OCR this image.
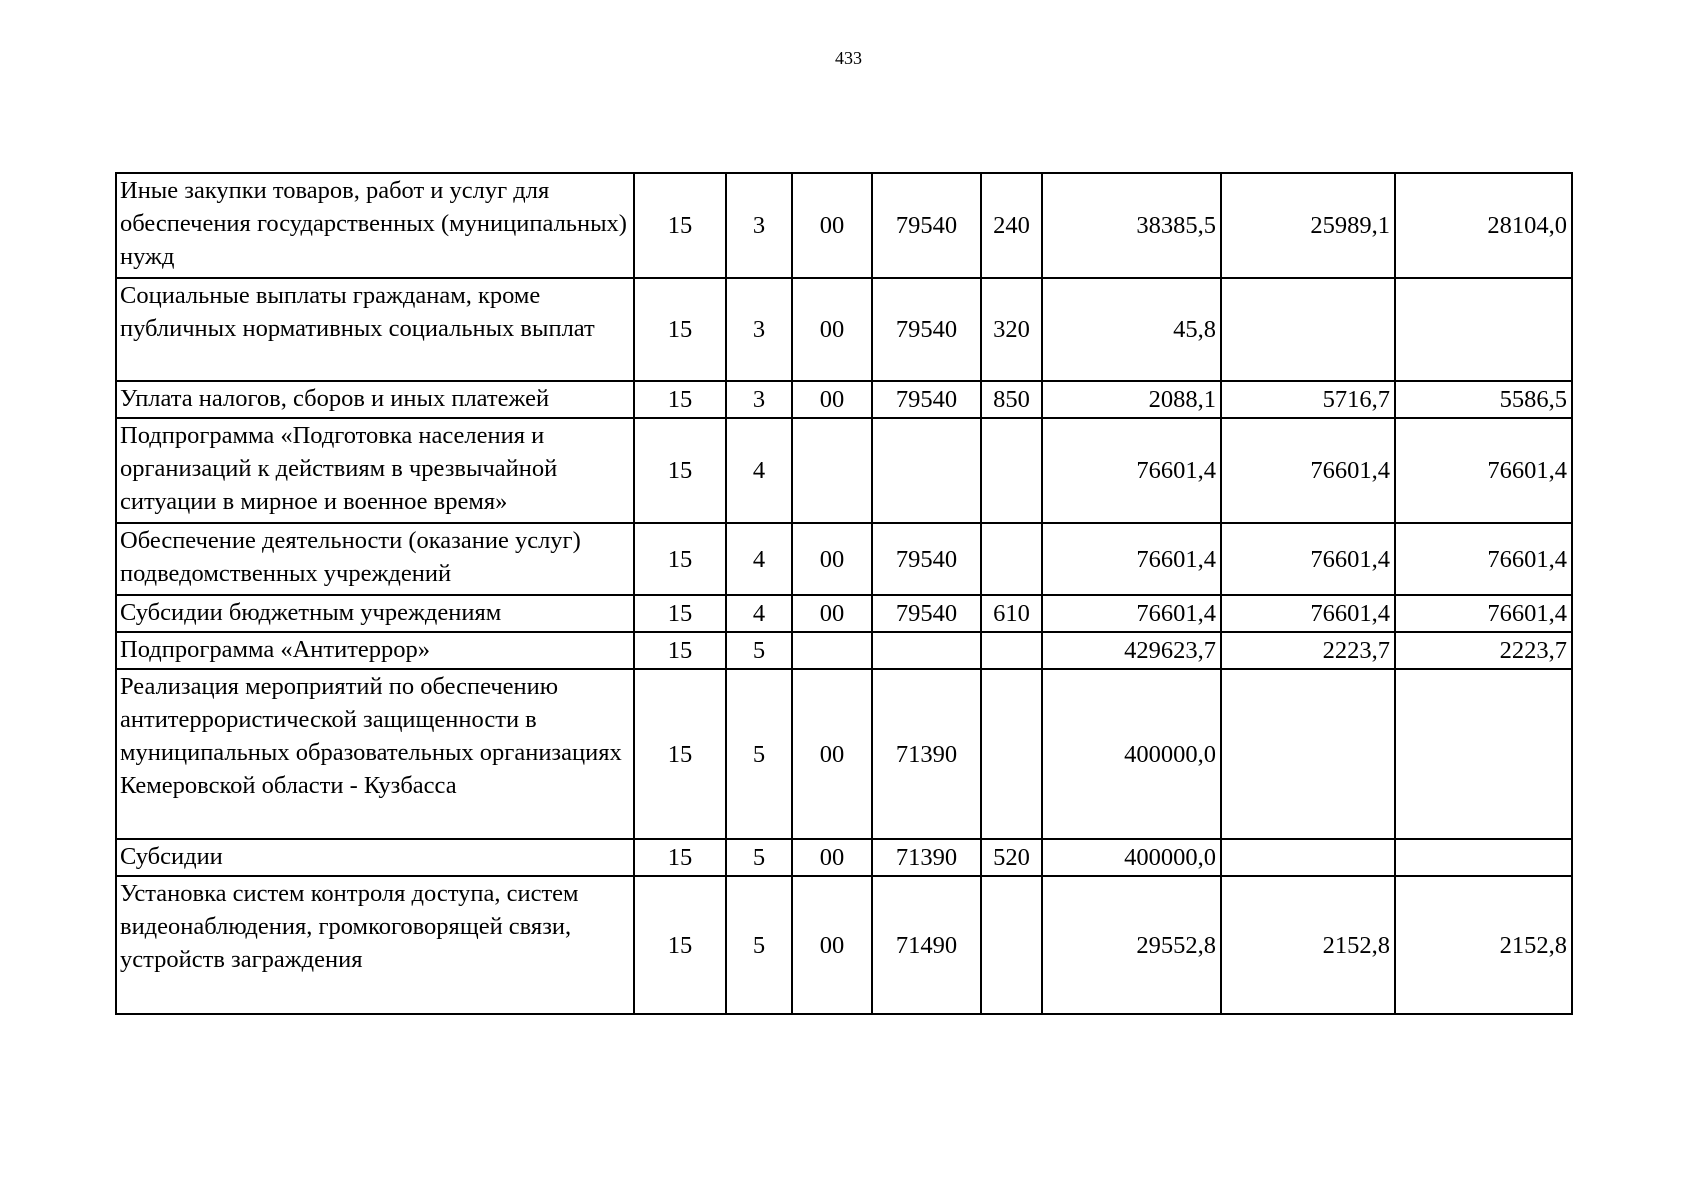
433
Иные закупки товаров, работ и услуг для обеспечения государственных (муниципальных) нужд	15	3	00	79540	240	38385,5	25989,1	28104,0
Социальные выплаты гражданам, кроме публичных нормативных социальных выплат	15	3	00	79540	320	45,8		
Уплата налогов, сборов и иных платежей	15	3	00	79540	850	2088,1	5716,7	5586,5
Подпрограмма «Подготовка населения и организаций к действиям в чрезвычайной ситуации в мирное и военное время»	15	4				76601,4	76601,4	76601,4
Обеспечение деятельности (оказание услуг) подведомственных учреждений	15	4	00	79540		76601,4	76601,4	76601,4
Субсидии бюджетным учреждениям	15	4	00	79540	610	76601,4	76601,4	76601,4
Подпрограмма «Антитеррор»	15	5				429623,7	2223,7	2223,7
Реализация мероприятий по обеспечению антитеррористической защищенности в муниципальных образовательных организациях Кемеровской области - Кузбасса	15	5	00	71390		400000,0		
Субсидии	15	5	00	71390	520	400000,0		
Установка систем контроля доступа, систем видеонаблюдения, громкоговорящей связи, устройств заграждения	15	5	00	71490		29552,8	2152,8	2152,8
